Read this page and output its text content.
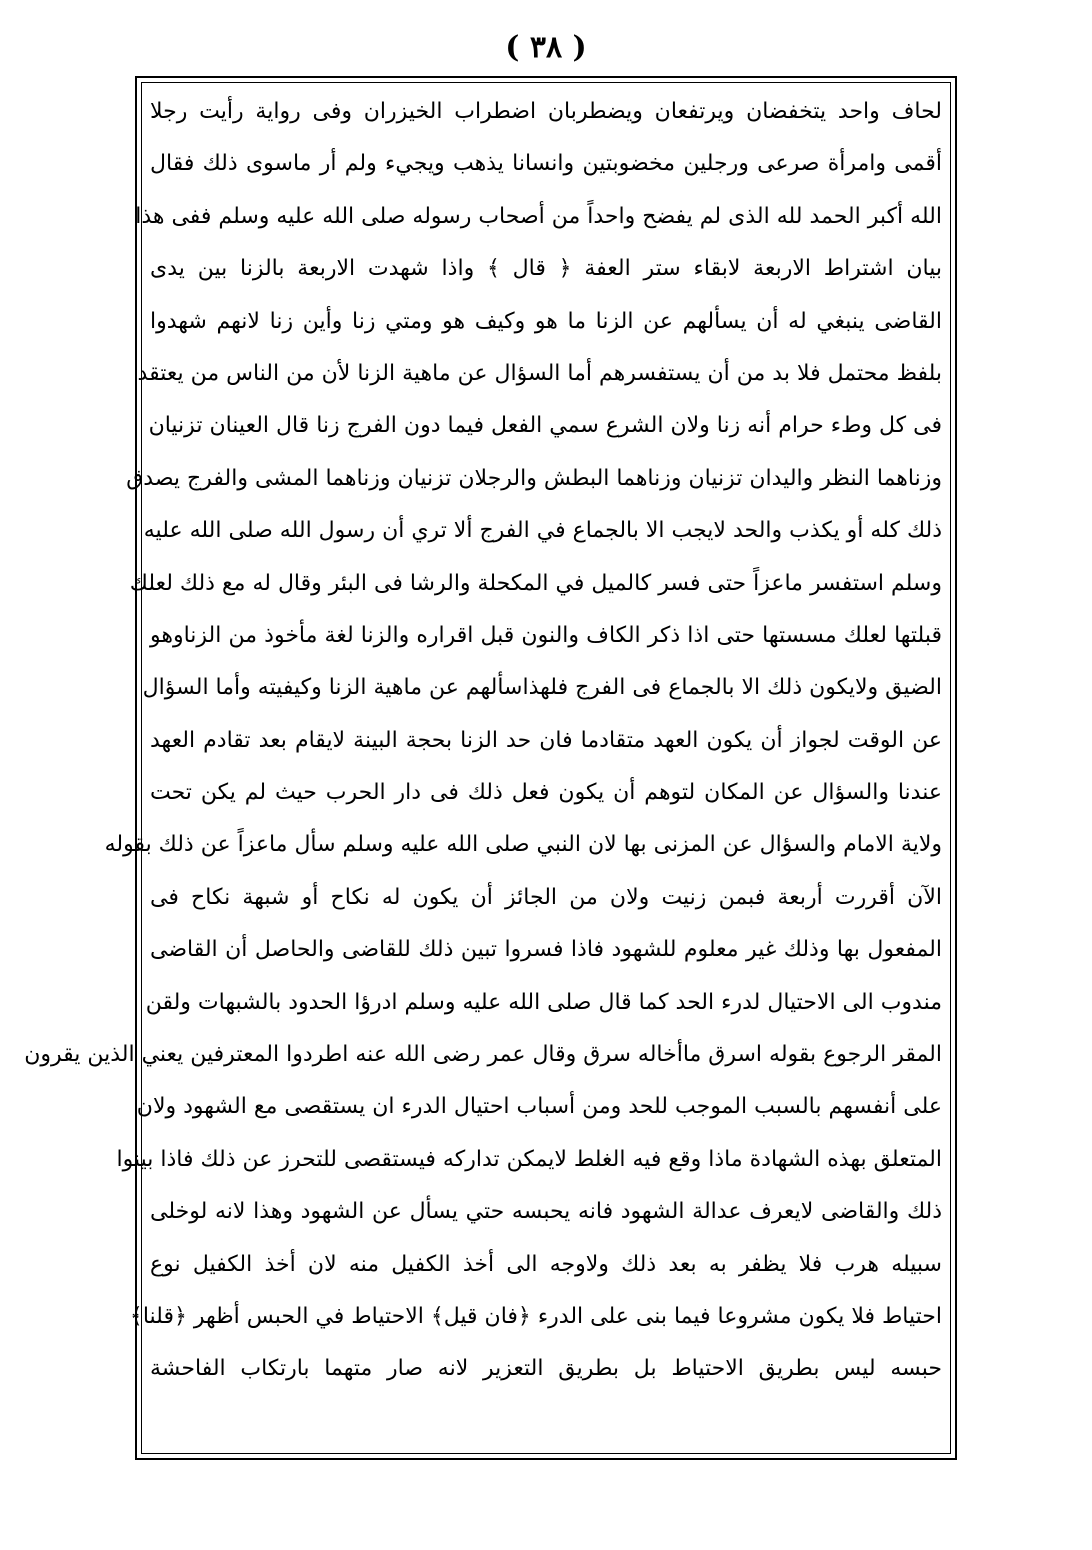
( ٣٨ )
لحاف واحد يتخفضان ويرتفعان ويضطربان اضطراب الخيزران وفى رواية رأيت رجلا
أقمى وامرأة صرعى ورجلين مخضوبتين وانسانا يذهب ويجيء ولم أر ماسوى ذلك فقال
الله أكبر الحمد لله الذى لم يفضح واحداً من أصحاب رسوله صلى الله عليه وسلم ففى هذا
بيان اشتراط الاربعة لابقاء ستر العفة ﴿ قال ﴾ واذا شهدت الاربعة بالزنا بين يدى
القاضى ينبغي له أن يسألهم عن الزنا ما هو وكيف هو ومتي زنا وأين زنا لانهم شهدوا
بلفظ محتمل فلا بد من أن يستفسرهم أما السؤال عن ماهية الزنا لأن من الناس من يعتقد
فى كل وطء حرام أنه زنا ولان الشرع سمي الفعل فيما دون الفرج زنا قال العينان تزنيان
وزناهما النظر واليدان تزنيان وزناهما البطش والرجلان تزنيان وزناهما المشى والفرج يصدق
ذلك كله أو يكذب والحد لايجب الا بالجماع في الفرج ألا تري أن رسول الله صلى الله عليه
وسلم استفسر ماعزاً حتى فسر كالميل في المكحلة والرشا فى البئر وقال له مع ذلك لعلك
قبلتها لعلك مسستها حتى اذا ذكر الكاف والنون قبل اقراره والزنا لغة مأخوذ من الزناوهو
الضيق ولايكون ذلك الا بالجماع فى الفرج فلهذاسألهم عن ماهية الزنا وكيفيته وأما السؤال
عن الوقت لجواز أن يكون العهد متقادما فان حد الزنا بحجة البينة لايقام بعد تقادم العهد
عندنا والسؤال عن المكان لتوهم أن يكون فعل ذلك فى دار الحرب حيث لم يكن تحت
ولاية الامام والسؤال عن المزنى بها لان النبي صلى الله عليه وسلم سأل ماعزاً عن ذلك بقوله
الآن أقررت أربعة فبمن زنيت ولان من الجائز أن يكون له نكاح أو شبهة نكاح فى
المفعول بها وذلك غير معلوم للشهود فاذا فسروا تبين ذلك للقاضى والحاصل أن القاضى
مندوب الى الاحتيال لدرء الحد كما قال صلى الله عليه وسلم ادرؤا الحدود بالشبهات ولقن
المقر الرجوع بقوله اسرق ماأخاله سرق وقال عمر رضى الله عنه اطردوا المعترفين يعني الذين يقرون
على أنفسهم بالسبب الموجب للحد ومن أسباب احتيال الدرء ان يستقصى مع الشهود ولان
المتعلق بهذه الشهادة ماذا وقع فيه الغلط لايمكن تداركه فيستقصى للتحرز عن ذلك فاذا بينوا
ذلك والقاضى لايعرف عدالة الشهود فانه يحبسه حتي يسأل عن الشهود وهذا لانه لوخلى
سبيله هرب فلا يظفر به بعد ذلك ولاوجه الى أخذ الكفيل منه لان أخذ الكفيل نوع
احتياط فلا يكون مشروعا فيما بنى على الدرء ﴿فان قيل﴾ الاحتياط في الحبس أظهر ﴿قلنا﴾
حبسه ليس بطريق الاحتياط بل بطريق التعزير لانه صار متهما بارتكاب الفاحشة
